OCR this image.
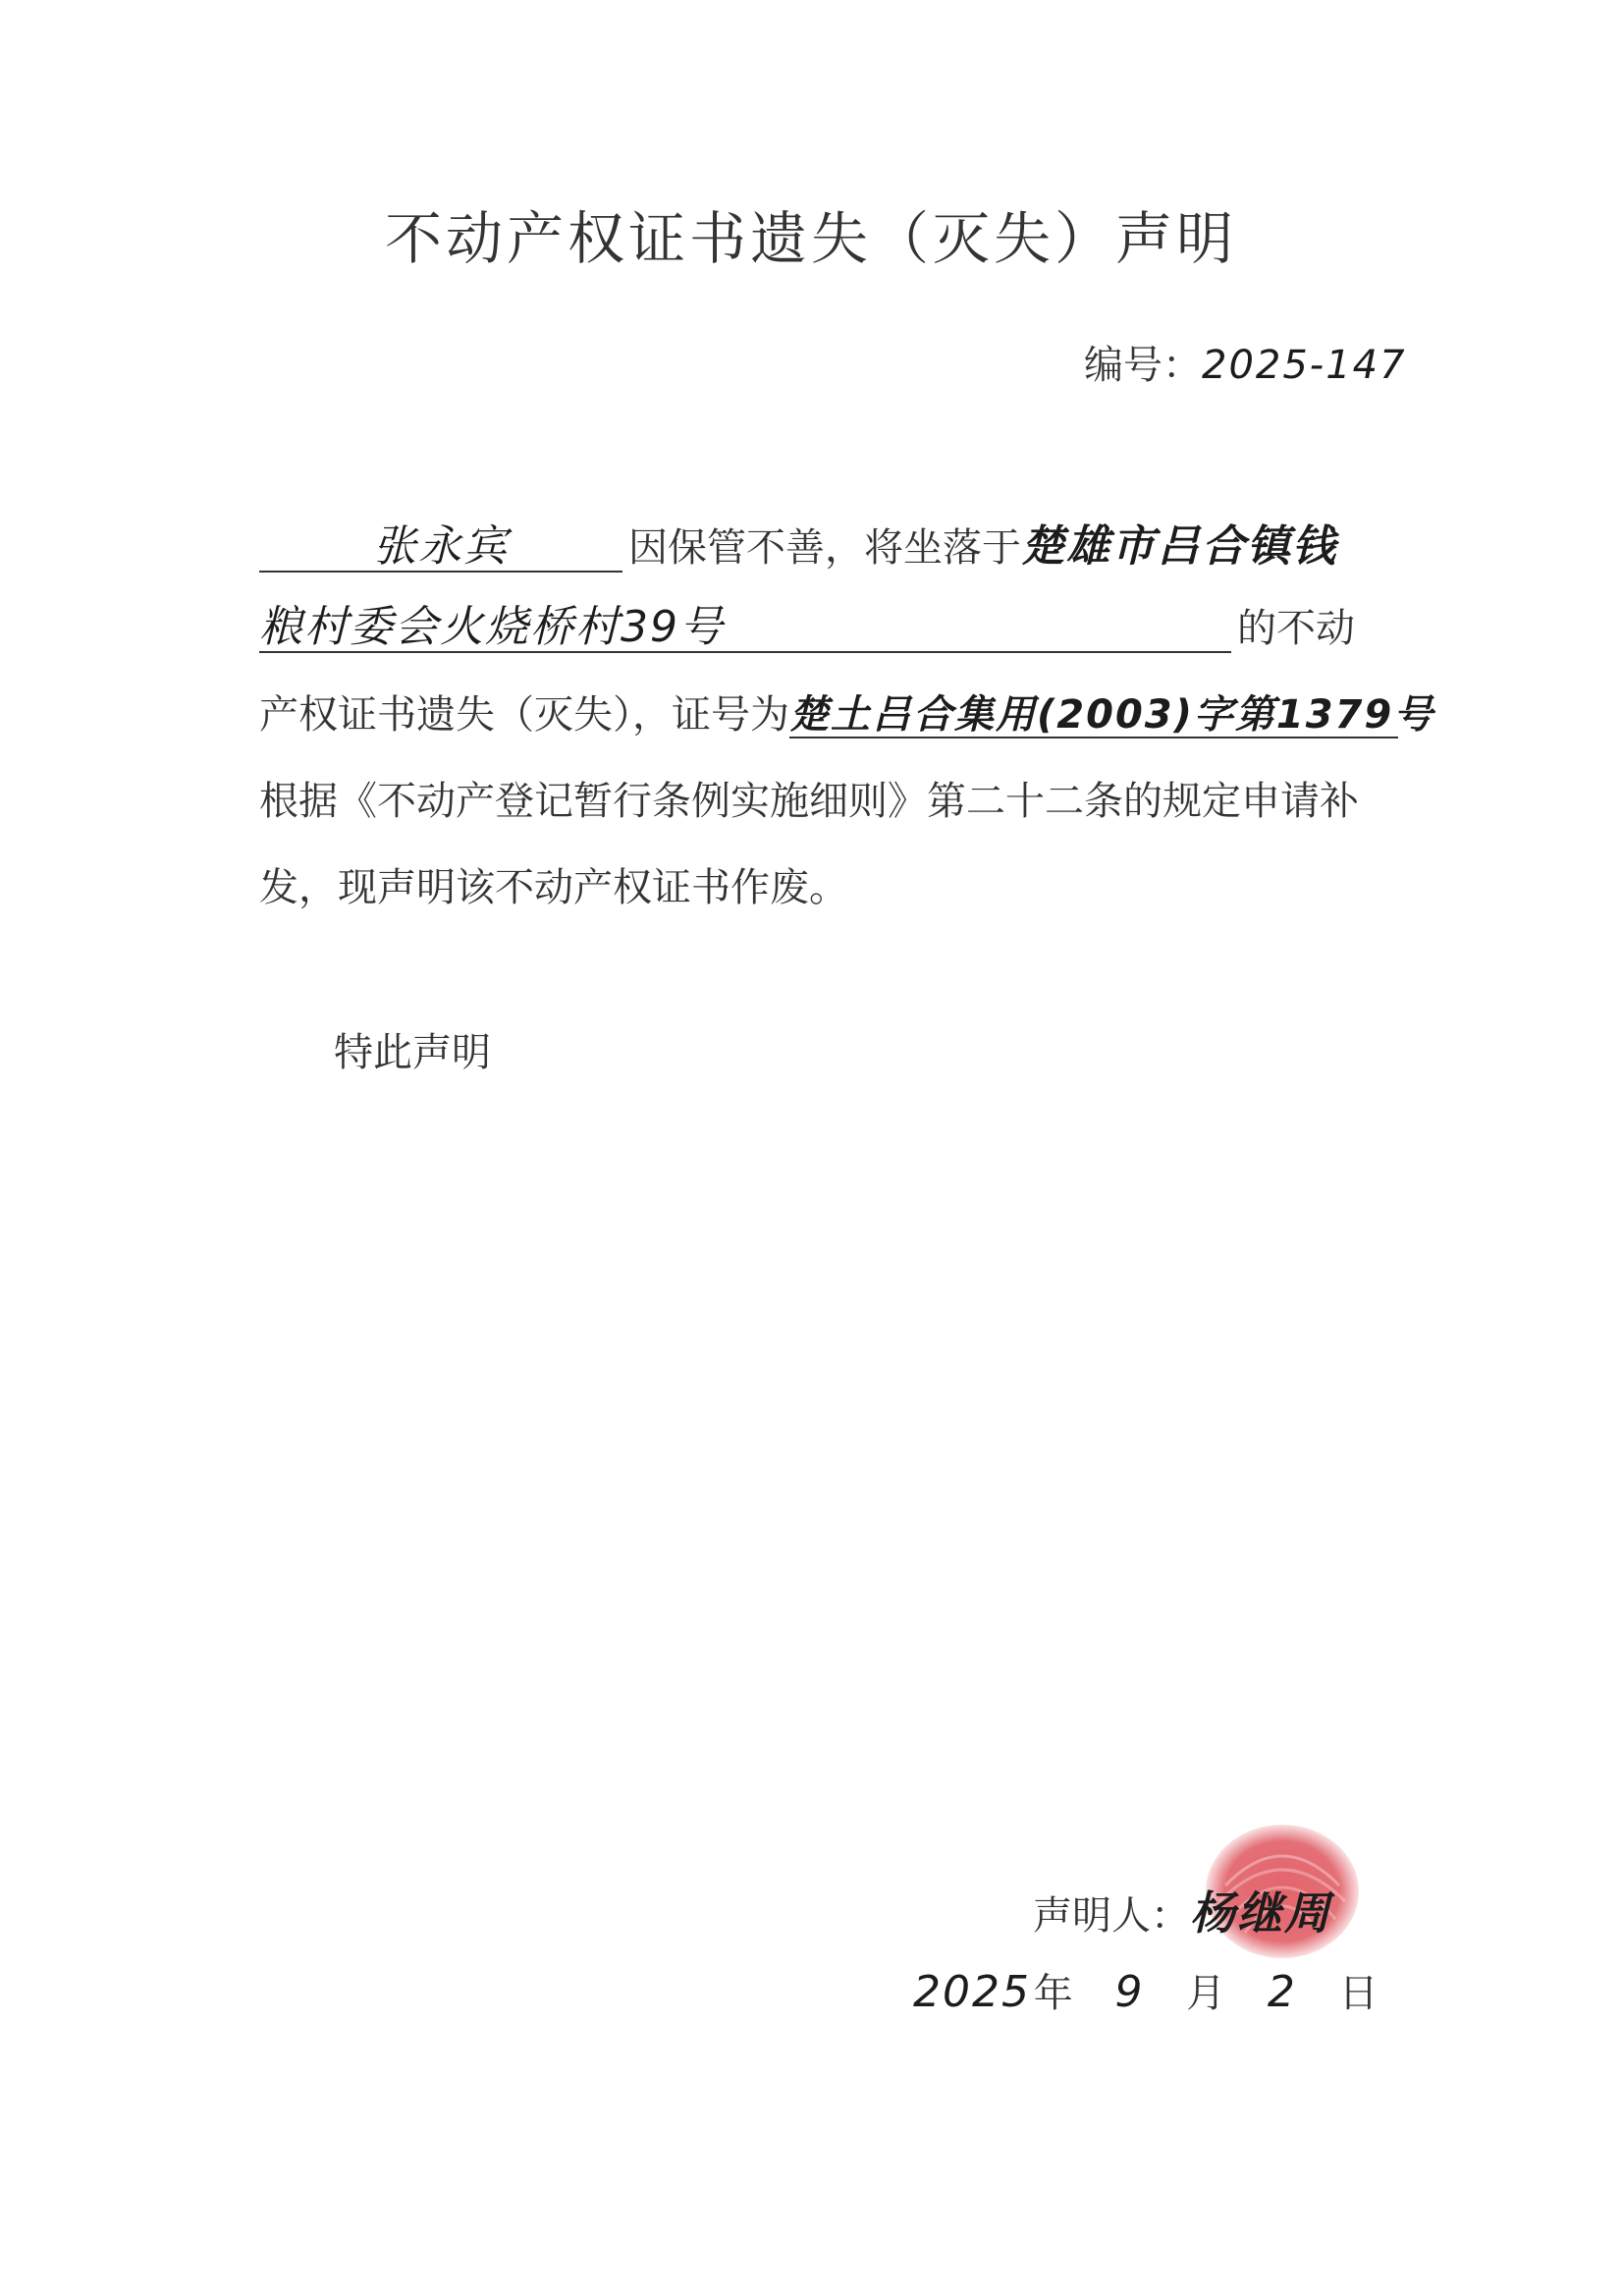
不动产权证书遗失（灭失）声明
编号：2025-147
张永宾	因保管不善，将坐落于楚雄市吕合镇钱
粮村委会火烧桥村39号	的不动
产权证书遗失（灭失），证号为楚土吕合集用(2003)字第1379号
根据《不动产登记暂行条例实施细则》第二十二条的规定申请补
发，现声明该不动产权证书作废。
特此声明
声明人：杨继周
2025 年 9 月 2 日
